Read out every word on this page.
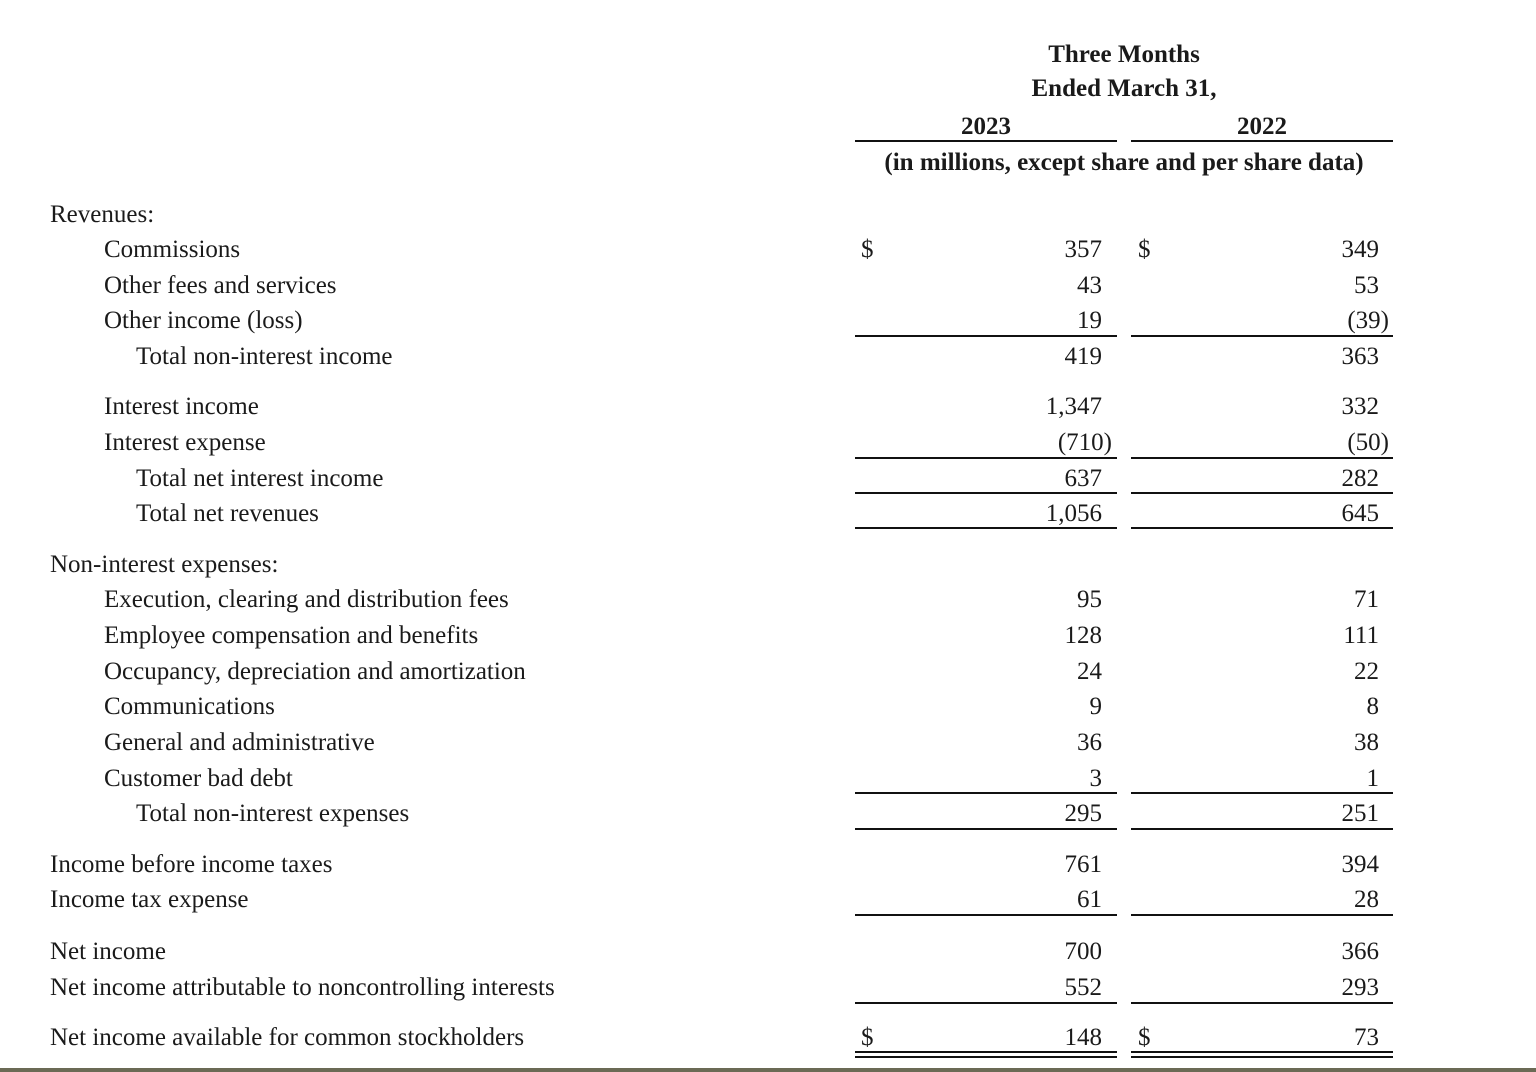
Three Months
Ended March 31,
2023	2022
(in millions, except share and per share data)
Revenues:
Commissions	$	357 $	349
Other fees and services	43	53
Other income (loss)	19	(39)
Total non-interest income	419	363
Interest income	1,347	332
Interest expense	(710)	(50)
Total net interest income	637	282
Total net revenues	1,056	645
Non-interest expenses:
Execution, clearing and distribution fees	95	71
Employee compensation and benefits	128	111
Occupancy, depreciation and amortization	24	22
Communications	9	8
General and administrative	36	38
Customer bad debt	3	1
Total non-interest expenses	295	251
Income before income taxes	761	394
Income tax expense	61	28
Net income	700	366
Net income attributable to noncontrolling interests	552	293
Net income available for common stockholders	$	148 $	73
